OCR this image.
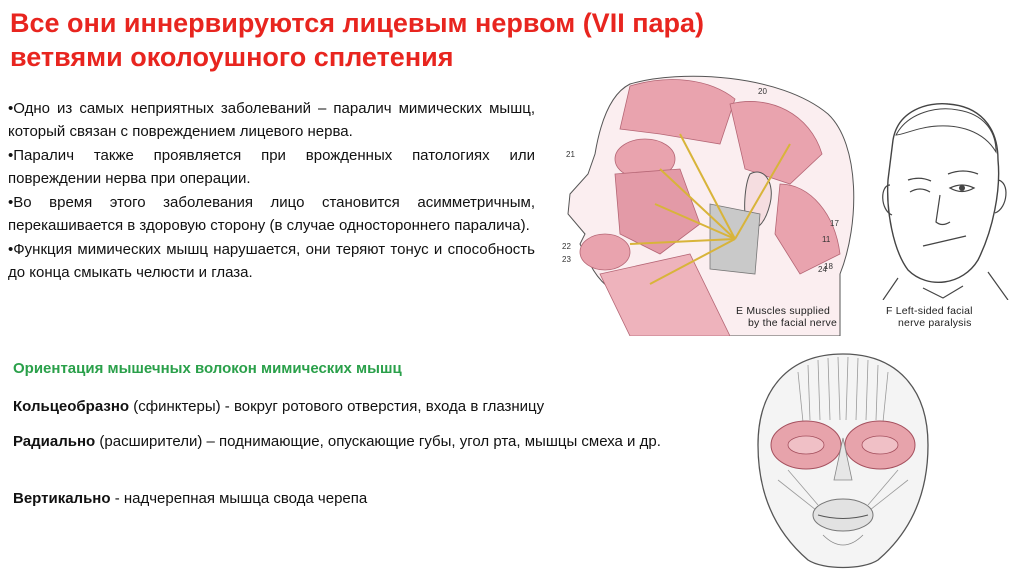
Все они иннервируются лицевым нервом (VII пара) ветвями околоушного сплетения

•Одно из самых неприятных заболеваний – паралич мимических мышц, который связан с повреждением лицевого нерва.

•Паралич также проявляется при врожденных патологиях или повреждении нерва при операции.

•Во время этого заболевания лицо становится асимметричным, перекашивается в здоровую сторону (в случае одностороннего паралича).

•Функция мимических мышц нарушается, они теряют тонус и способность до конца смыкать челюсти и глаза.

20
21
17
11
22
23
24
18
E Muscles supplied
by the facial nerve
F Left-sided facial
nerve paralysis
Ориентация мышечных волокон мимических мышц

Кольцеобразно (сфинктеры) - вокруг ротового отверстия, входа в глазницу

Радиально (расширители) – поднимающие, опускающие губы, угол рта, мышцы смеха и др.

Вертикально - надчерепная мышца свода черепа
